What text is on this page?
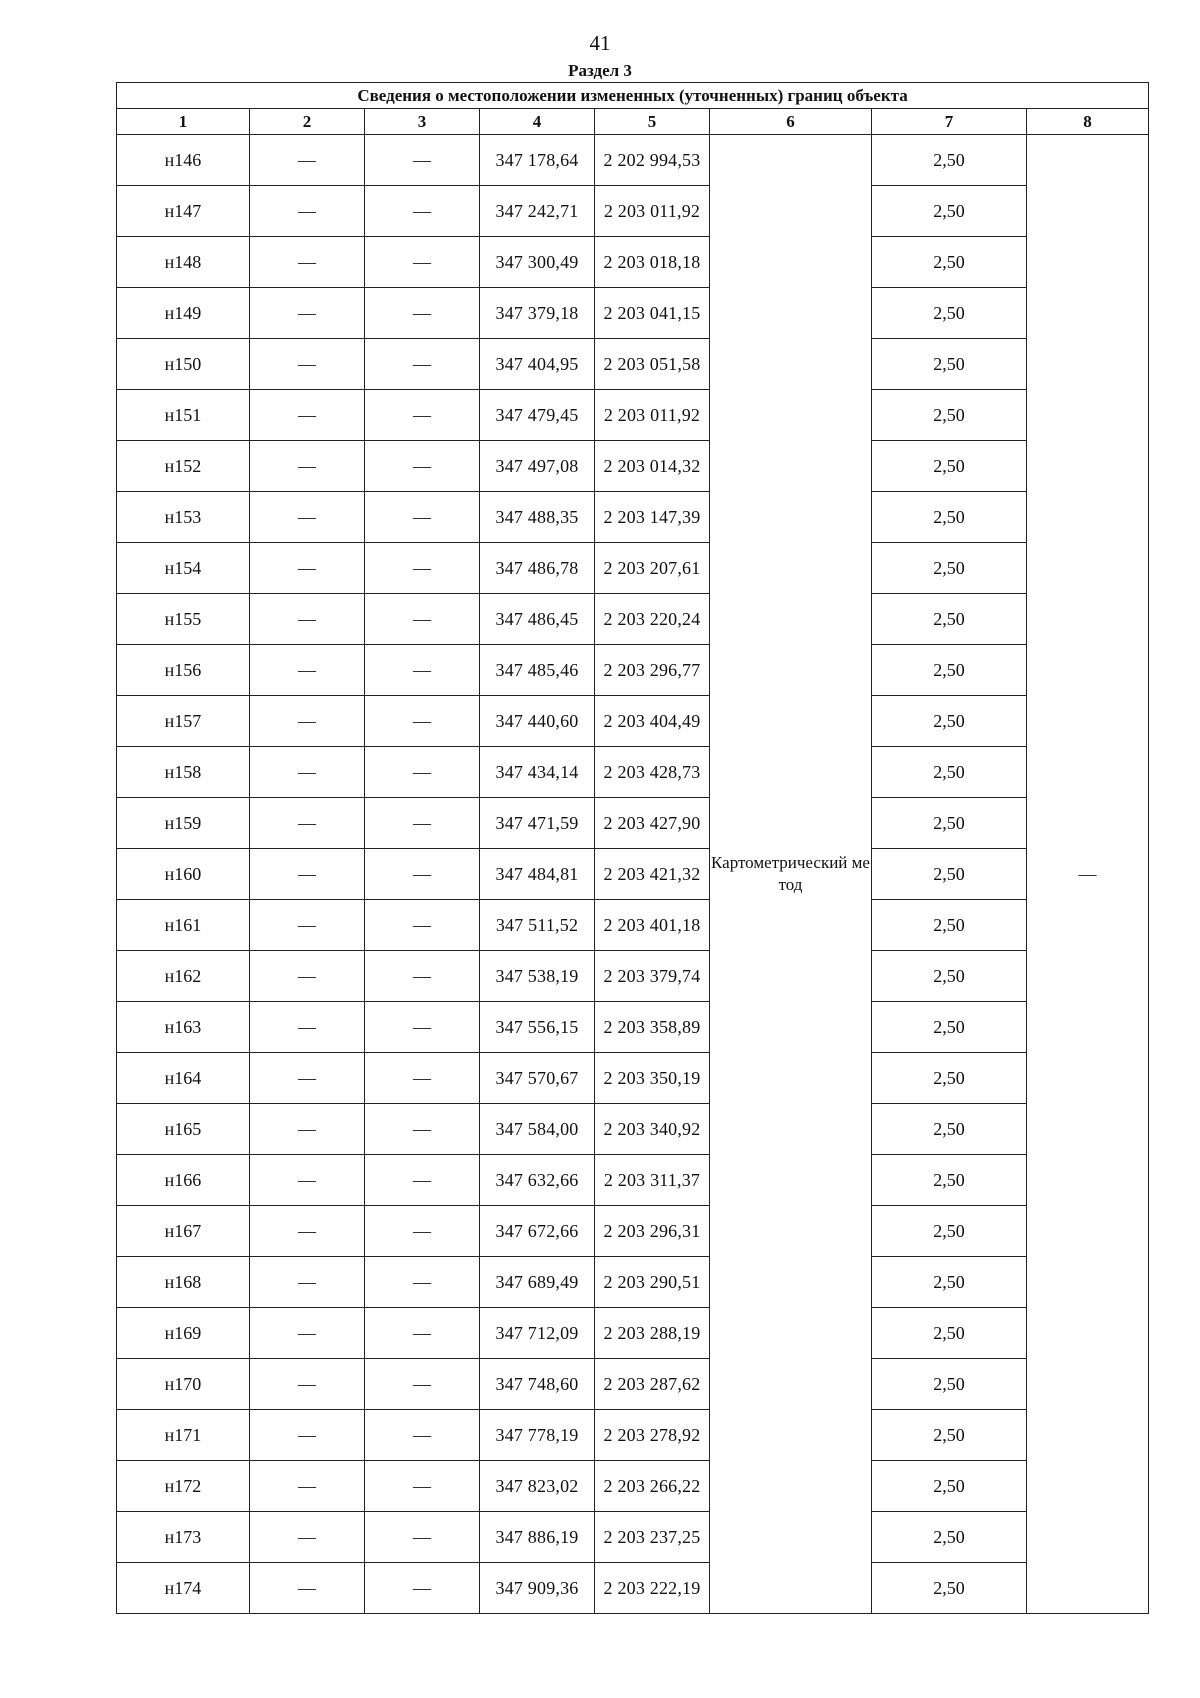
41
Раздел 3
Сведения о местоположении измененных (уточненных) границ объекта							
1	2	3	4	5	6	7	8
н146	—	—	347 178,64	2 202 994,53	Картометрический метод	2,50	—
н147	—	—	347 242,71	2 203 011,92		2,50	
н148	—	—	347 300,49	2 203 018,18		2,50	
н149	—	—	347 379,18	2 203 041,15		2,50	
н150	—	—	347 404,95	2 203 051,58		2,50	
н151	—	—	347 479,45	2 203 011,92		2,50	
н152	—	—	347 497,08	2 203 014,32		2,50	
н153	—	—	347 488,35	2 203 147,39		2,50	
н154	—	—	347 486,78	2 203 207,61		2,50	
н155	—	—	347 486,45	2 203 220,24		2,50	
н156	—	—	347 485,46	2 203 296,77		2,50	
н157	—	—	347 440,60	2 203 404,49		2,50	
н158	—	—	347 434,14	2 203 428,73		2,50	
н159	—	—	347 471,59	2 203 427,90		2,50	
н160	—	—	347 484,81	2 203 421,32		2,50	
н161	—	—	347 511,52	2 203 401,18		2,50	
н162	—	—	347 538,19	2 203 379,74		2,50	
н163	—	—	347 556,15	2 203 358,89		2,50	
н164	—	—	347 570,67	2 203 350,19		2,50	
н165	—	—	347 584,00	2 203 340,92		2,50	
н166	—	—	347 632,66	2 203 311,37		2,50	
н167	—	—	347 672,66	2 203 296,31		2,50	
н168	—	—	347 689,49	2 203 290,51		2,50	
н169	—	—	347 712,09	2 203 288,19		2,50	
н170	—	—	347 748,60	2 203 287,62		2,50	
н171	—	—	347 778,19	2 203 278,92		2,50	
н172	—	—	347 823,02	2 203 266,22		2,50	
н173	—	—	347 886,19	2 203 237,25		2,50	
н174	—	—	347 909,36	2 203 222,19		2,50	
